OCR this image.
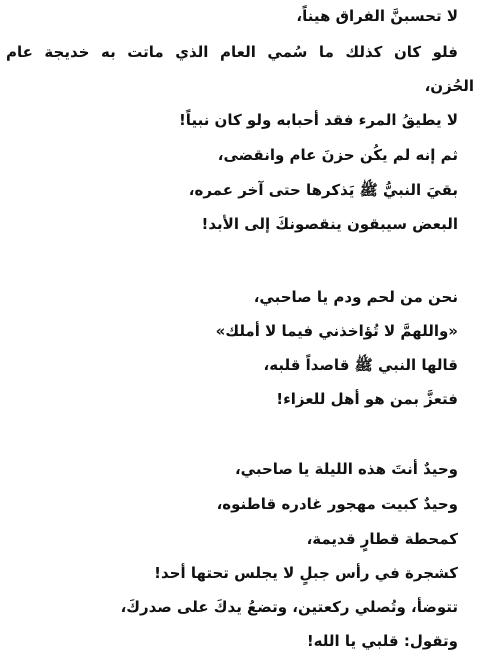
لا تحسبنَّ الفراق هيناً،
فلو كان كذلك ما سُمي العام الذي ماتت به خديجة عام
الحُزن،
لا يطيقُ المرء فقد أحبابه ولو كان نبياً!
ثم إنه لم يكُن حزنَ عام وانقضى،
بقيَ النبيُّ ﷺ يَذكرها حتى آخر عمره،
البعض سيبقون ينقصونكَ إلى الأبد!
نحن من لحم ودم يا صاحبي،
«واللهمَّ لا تُؤاخذني فيما لا أملك»
قالها النبي ﷺ قاصداً قلبه،
فتعزَّ بمن هو أهل للعزاء!
وحيدٌ أنتَ هذه الليلة يا صاحبي،
وحيدٌ كبيت مهجور غادره قاطنوه،
كمحطة قطارٍ قديمة،
كشجرة في رأس جبلٍ لا يجلس تحتها أحد!
تتوضأ، وتُصلي ركعتين، وتضعُ يدكَ على صدركَ،
وتقول: قلبي يا الله!
